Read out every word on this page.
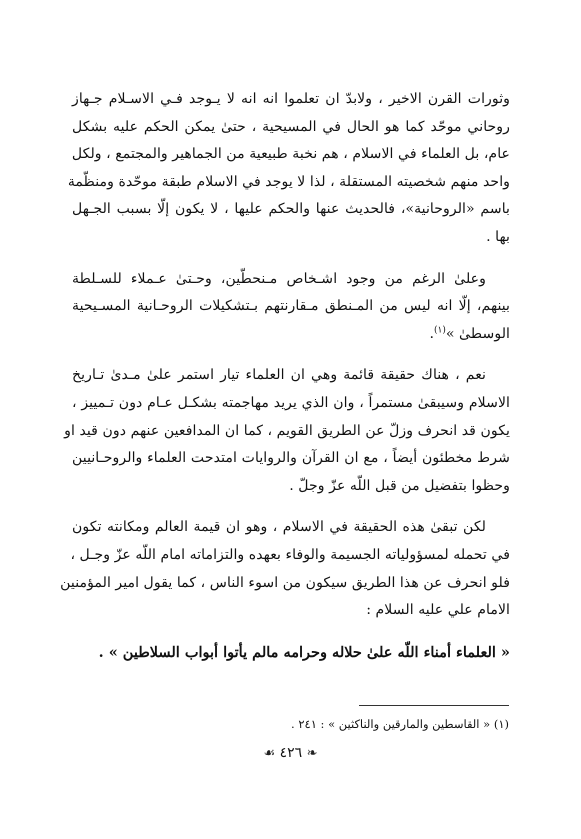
وثورات القرن الاخير ، ولابدّ ان تعلموا انه انه لا يـوجد فـي الاسـلام جـهاز

روحاني موحّد كما هو الحال في المسيحية ، حتىٰ يمكن الحكم عليه بشكل

عام، بل العلماء في الاسلام ، هم نخبة طبيعية من الجماهير والمجتمع ، ولكل

واحد منهم شخصيته المستقلة ، لذا لا يوجد في الاسلام طبقة موحّدة ومنظّمة

باسم «الروحانية»، فالحديث عنها والحكم عليها ، لا يكون إلّا بسبب الجـهل

بها .

وعلىٰ الرغم من وجود اشـخاص مـنحطّين، وحـتىٰ عـملاء للسـلطة

بينهم، إلّا انه ليس من المـنطق مـقارنتهم بـتشكيلات الروحـانية المسـيحية

الوسطىٰ »$^{(١)}$.

نعم ، هناك حقيقة قائمة وهي ان العلماء تيار استمر علىٰ مـدىٰ تـاريخ

الاسلام وسيبقىٰ مستمراً ، وان الذي يريد مهاجمته بشكـل عـام دون تـمييز ،

يكون قد انحرف وزلّ عن الطريق القويم ، كما ان المدافعين عنهم دون قيد او

شرط مخطئون أيضاً ، مع ان القرآن والروايات امتدحت العلماء والروحـانيين

وحظوا بتفضيل من قبل اللّه عزّ وجلّ .

لكن تبقىٰ هذه الحقيقة في الاسلام ، وهو ان قيمة العالم ومكانته تكون

في تحمله لمسؤولياته الجسيمة والوفاء بعهده والتزاماته امام اللّه عزّ وجـل ،

فلو انحرف عن هذا الطريق سيكون من اسوء الناس ، كما يقول امير المؤمنين

الامام علي عليه السلام :

« العلماء أمناء اللّه علىٰ حلاله وحرامه مالم يأتوا أبواب السلاطين » .

(١) « القاسطين والمارقين والناكثين » : ٢٤١ .
❧ ٤٢٦ ☙
